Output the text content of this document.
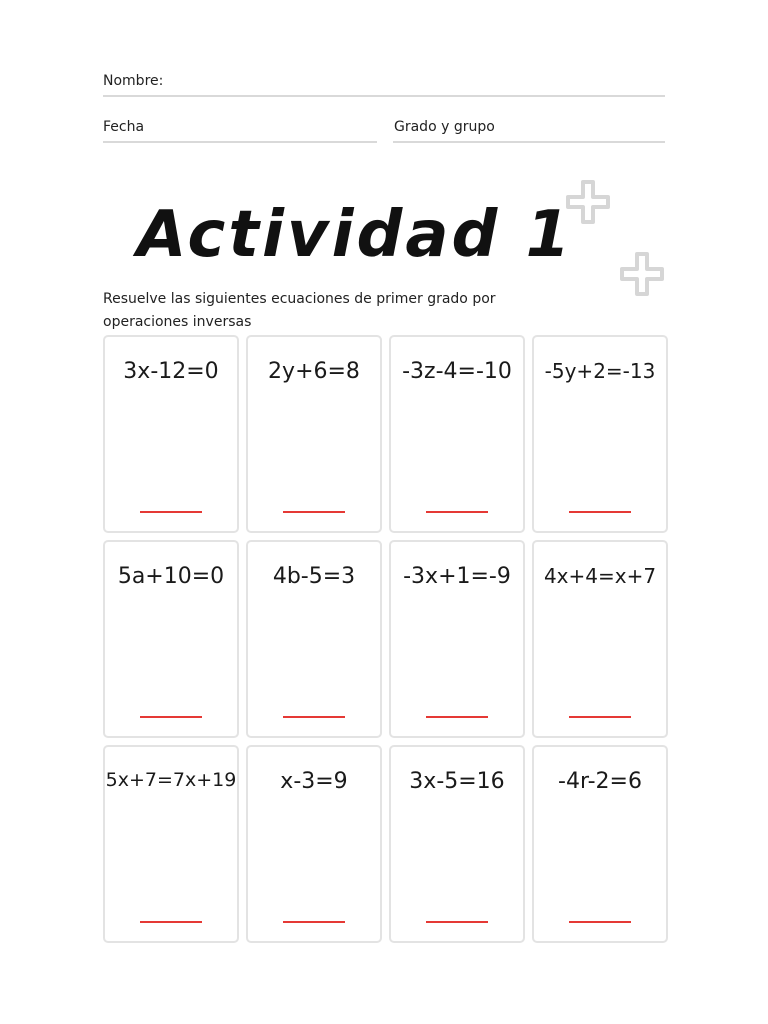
Nombre:
Fecha	Grado y grupo
Actividad 1
Resuelve las siguientes ecuaciones de primer grado por operaciones inversas
3x-12=0	2y+6=8	-3z-4=-10	-5y+2=-13
5a+10=0	4b-5=3	-3x+1=-9	4x+4=x+7
5x+7=7x+19	x-3=9	3x-5=16	-4r-2=6
